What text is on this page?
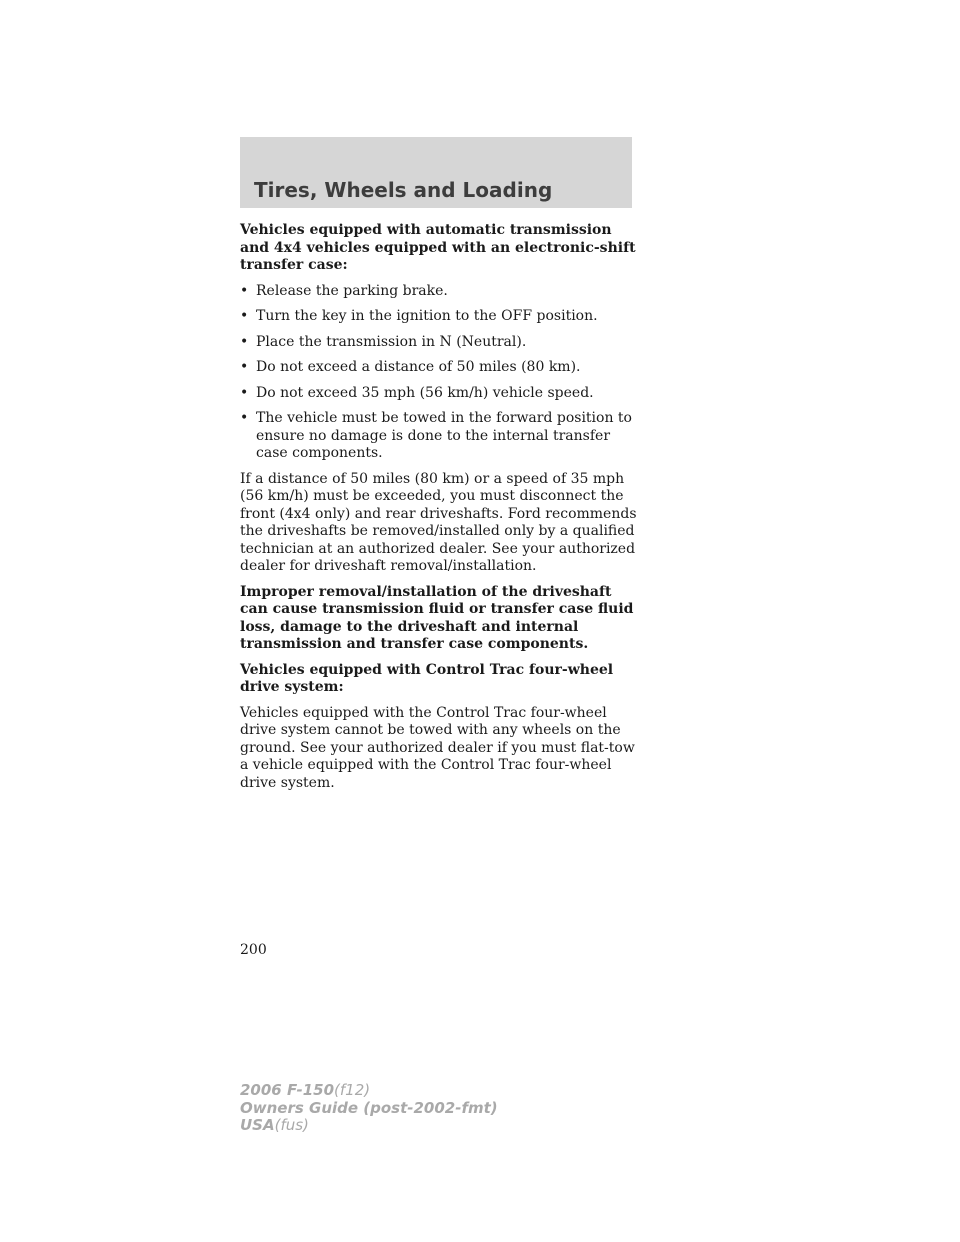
Tires, Wheels and Loading

Vehicles equipped with automatic transmission and 4x4 vehicles equipped with an electronic-shift transfer case:

• Release the parking brake.
• Turn the key in the ignition to the OFF position.
• Place the transmission in N (Neutral).
• Do not exceed a distance of 50 miles (80 km).
• Do not exceed 35 mph (56 km/h) vehicle speed.
• The vehicle must be towed in the forward position to ensure no damage is done to the internal transfer case components.

If a distance of 50 miles (80 km) or a speed of 35 mph (56 km/h) must be exceeded, you must disconnect the front (4x4 only) and rear driveshafts. Ford recommends the driveshafts be removed/installed only by a qualified technician at an authorized dealer. See your authorized dealer for driveshaft removal/installation.

Improper removal/installation of the driveshaft can cause transmission fluid or transfer case fluid loss, damage to the driveshaft and internal transmission and transfer case components.

Vehicles equipped with Control Trac four-wheel drive system:

Vehicles equipped with the Control Trac four-wheel drive system cannot be towed with any wheels on the ground. See your authorized dealer if you must flat-tow a vehicle equipped with the Control Trac four-wheel drive system.

200
2006 F-150(f12)
Owners Guide (post-2002-fmt)
USA(fus)
